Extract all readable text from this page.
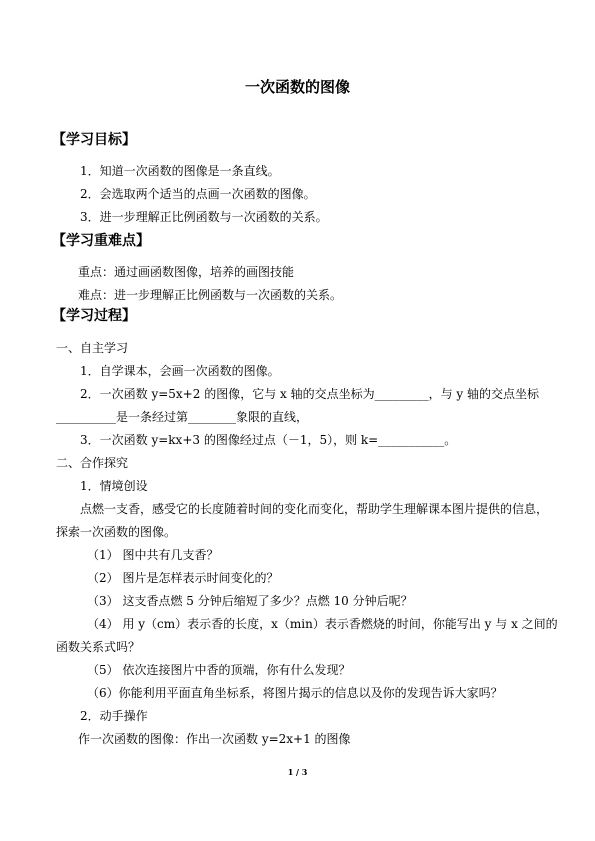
一次函数的图像
【学习目标】
1．知道一次函数的图像是一条直线。
2．会选取两个适当的点画一次函数的图像。
3．进一步理解正比例函数与一次函数的关系。
【学习重难点】
重点：通过画函数图像，培养的画图技能
难点：进一步理解正比例函数与一次函数的关系。
【学习过程】
一、自主学习
1．自学课本，会画一次函数的图像。
2．一次函数 y=5x+2 的图像，它与 x 轴的交点坐标为_________，与 y 轴的交点坐标
__________是一条经过第________象限的直线，
3．一次函数 y=kx+3 的图像经过点（－1，5），则 k=___________。
二、合作探究
1．情境创设
点燃一支香，感受它的长度随着时间的变化而变化，帮助学生理解课本图片提供的信息，
探索一次函数的图像。
（1） 图中共有几支香？
（2） 图片是怎样表示时间变化的？
（3） 这支香点燃 5 分钟后缩短了多少？点燃 10 分钟后呢？
（4） 用 y（cm）表示香的长度，x（min）表示香燃烧的时间，你能写出 y 与 x 之间的
函数关系式吗？
（5） 依次连接图片中香的顶端，你有什么发现？
（6）你能利用平面直角坐标系，将图片揭示的信息以及你的发现告诉大家吗？
2．动手操作
作一次函数的图像：作出一次函数 y=2x+1 的图像
1 / 3
